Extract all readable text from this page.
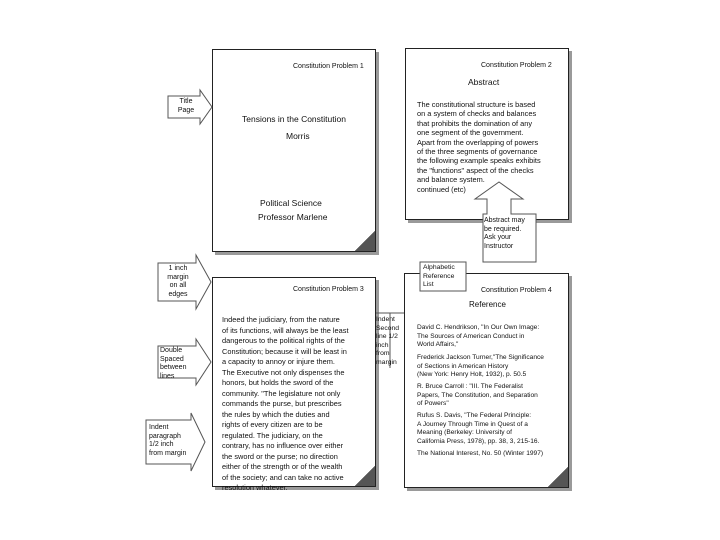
Constitution Problem 1
Tensions in the Constitution
Morris
Political Science
Professor Marlene
Constitution Problem 2
Abstract
The constitutional structure is based
on a system of checks and balances
that prohibits the domination of any
one segment of the government.
Apart from the overlapping of powers
of the three segments of governance
the following example speaks exhibits
the "functions" aspect of the checks
and balance system.
continued (etc)
Constitution Problem 3
Indeed the judiciary, from the nature
of its functions, will always be the least
dangerous to the political rights of the
Constitution; because it will be least in
a capacity to annoy or injure them.
The Executive not only dispenses the
honors, but holds the sword of the
community. "The legislature not only
commands the purse, but prescribes
the rules by which the duties and
rights of every citizen are to be
regulated. The judiciary, on the
contrary, has no influence over either
the sword or the purse; no direction
either of the strength or of the wealth
of the society; and can take no active
resolution whatever.
Constitution Problem 4
Reference
David C. Hendrikson, "In Our Own Image:
The Sources of American Conduct in
World Affairs,"
Frederick Jackson Turner,"The Significance
of Sections in American History
(New York: Henry Holt, 1932), p. 50.5
R. Bruce Carroll : "III. The Federalist
Papers, The Constitution, and Separation
of Powers"
Rufus S. Davis, "The Federal Principle:
A Journey Through Time in Quest of a
Meaning (Berkeley: University of
California Press, 1978), pp. 38, 3, 215-16.
The National Interest, No. 50 (Winter 1997)
Title
Page
Abstract may
be required.
Ask your
Instructor
1 inch
margin
on all
edges
Double
Spaced
between
lines
Indent
paragraph
1/2 inch
from margin
Indent
Second
line 1/2
inch
from
margin
Alphabetic
Reference
List
